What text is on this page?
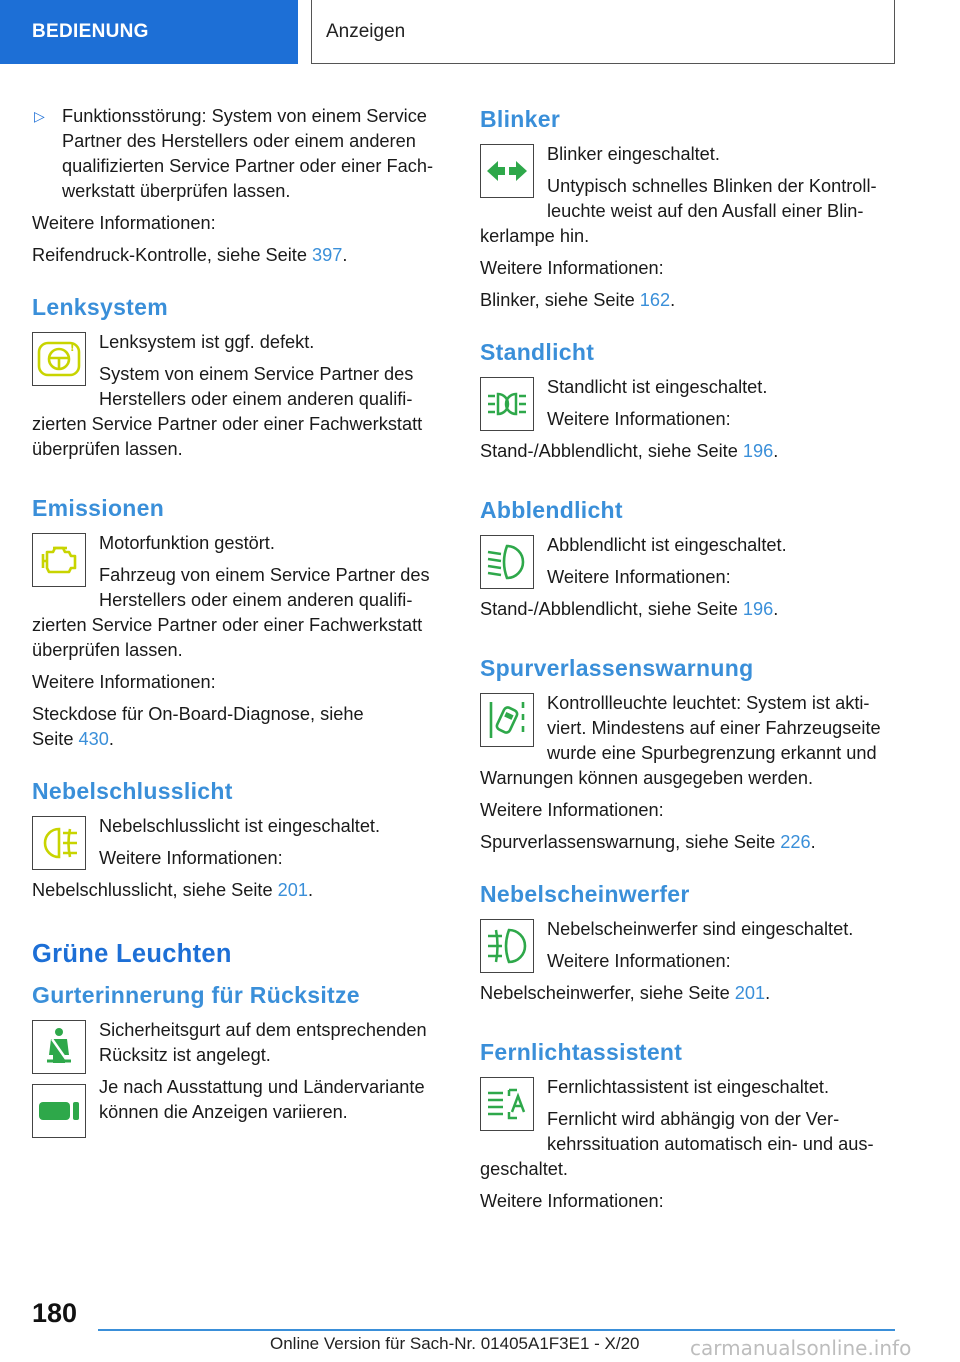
BEDIENUNG	Anzeigen
▷ Funktionsstörung: System von einem Service Partner des Herstellers oder einem anderen qualifizierten Service Partner oder einer Fachwerkstatt überprüfen lassen.

Weitere Informationen:

Reifendruck-Kontrolle, siehe Seite 397.

Lenksystem
!	Lenksystem ist ggf. defekt.

System von einem Service Partner des Herstellers oder einem anderen qualifizierten Service Partner oder einer Fachwerkstatt überprüfen lassen.

Emissionen

Motorfunktion gestört.

Fahrzeug von einem Service Partner des Herstellers oder einem anderen qualifizierten Service Partner oder einer Fachwerkstatt überprüfen lassen.

Weitere Informationen:

Steckdose für On-Board-Diagnose, siehe

Seite 430.

Nebelschlusslicht

Nebelschlusslicht ist eingeschaltet.

Weitere Informationen:

Nebelschlusslicht, siehe Seite 201.

Grüne Leuchten
Gurterinnerung für Rücksitze

Sicherheitsgurt auf dem entsprechenden Rücksitz ist angelegt.

Je nach Ausstattung und Ländervariante können die Anzeigen variieren.

Blinker

Blinker eingeschaltet.

Untypisch schnelles Blinken der Kontrollleuchte weist auf den Ausfall einer Blinkerlampe hin.

Weitere Informationen:

Blinker, siehe Seite 162.

Standlicht

Standlicht ist eingeschaltet.

Weitere Informationen:

Stand-/Abblendlicht, siehe Seite 196.

Abblendlicht

Abblendlicht ist eingeschaltet.

Weitere Informationen:

Stand-/Abblendlicht, siehe Seite 196.

Spurverlassenswarnung

Kontrollleuchte leuchtet: System ist aktiviert. Mindestens auf einer Fahrzeugseite wurde eine Spurbegrenzung erkannt und Warnungen können ausgegeben werden.

Weitere Informationen:

Spurverlassenswarnung, siehe Seite 226.

Nebelscheinwerfer

Nebelscheinwerfer sind eingeschaltet.

Weitere Informationen:

Nebelscheinwerfer, siehe Seite 201.

Fernlichtassistent

Fernlichtassistent ist eingeschaltet.

Fernlicht wird abhängig von der Verkehrssituation automatisch ein- und ausgeschaltet.

Weitere Informationen:

180
Online Version für Sach-Nr. 01405A1F3E1 - X/20	carmanualsonline.info
